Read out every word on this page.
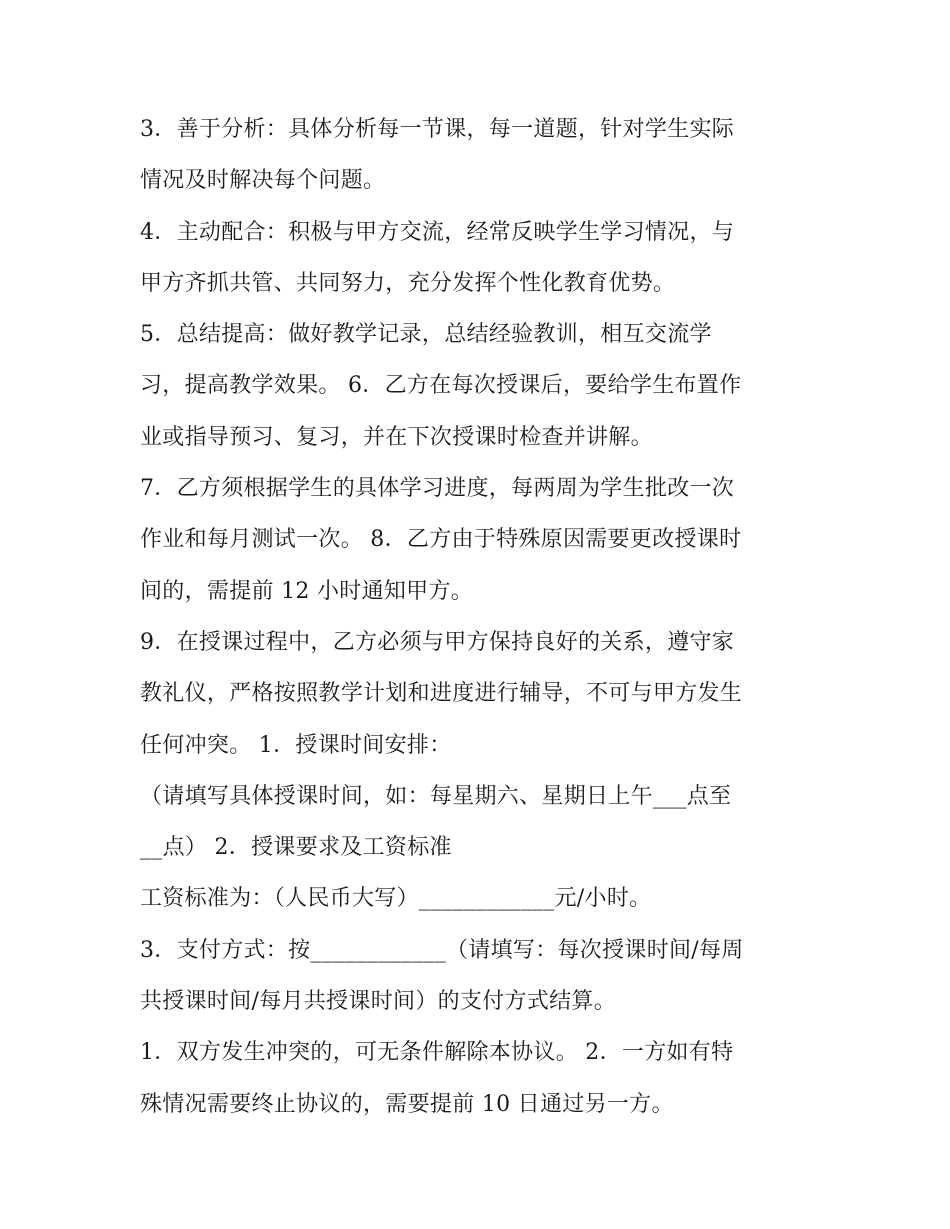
3．善于分析：具体分析每一节课，每一道题，针对学生实际
情况及时解决每个问题。
4．主动配合：积极与甲方交流，经常反映学生学习情况，与
甲方齐抓共管、共同努力，充分发挥个性化教育优势。
5．总结提高：做好教学记录，总结经验教训，相互交流学
习，提高教学效果。 6．乙方在每次授课后，要给学生布置作
业或指导预习、复习，并在下次授课时检查并讲解。
7．乙方须根据学生的具体学习进度，每两周为学生批改一次
作业和每月测试一次。 8．乙方由于特殊原因需要更改授课时
间的，需提前 12 小时通知甲方。
9．在授课过程中，乙方必须与甲方保持良好的关系，遵守家
教礼仪，严格按照教学计划和进度进行辅导，不可与甲方发生
任何冲突。 1．授课时间安排：
（请填写具体授课时间，如：每星期六、星期日上午___点至
__点） 2．授课要求及工资标准
工资标准为：（人民币大写）____________元/小时。
3．支付方式：按____________（请填写：每次授课时间/每周
共授课时间/每月共授课时间）的支付方式结算。
1．双方发生冲突的，可无条件解除本协议。 2．一方如有特
殊情况需要终止协议的，需要提前 10 日通过另一方。
